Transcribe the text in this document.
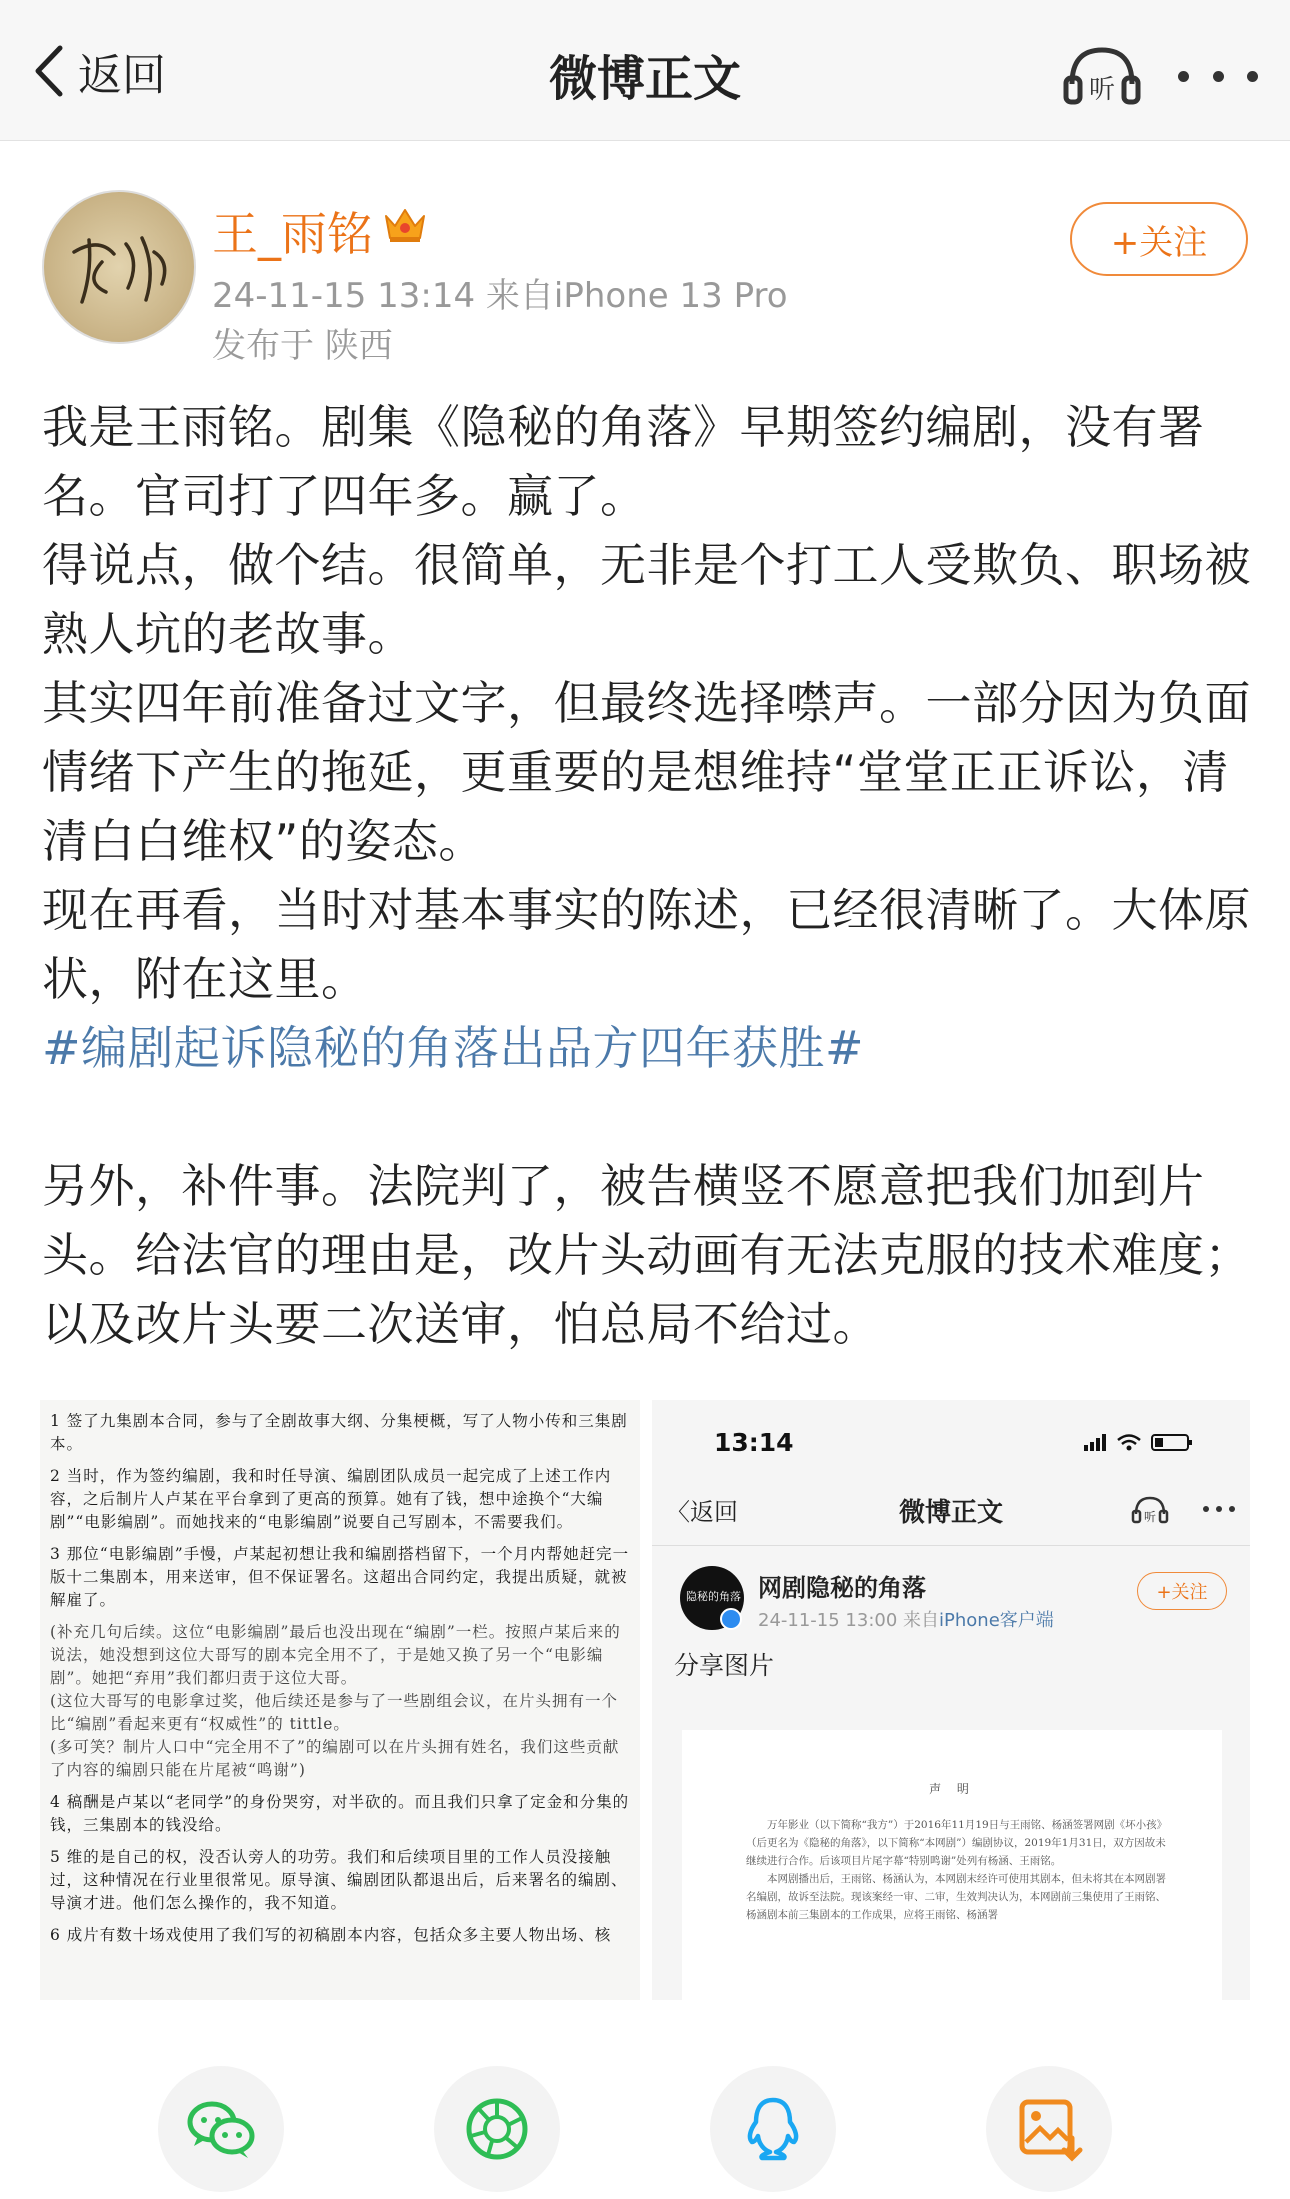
返回	微博正文	听
手谢
王_雨铭
24-11-15 13:14 来自iPhone 13 Pro
发布于 陕西
+关注

我是王雨铭。剧集《隐秘的角落》早期签约编剧，没有署名。官司打了四年多。赢了。

得说点，做个结。很简单，无非是个打工人受欺负、职场被熟人坑的老故事。

其实四年前准备过文字，但最终选择噤声。一部分因为负面情绪下产生的拖延，更重要的是想维持“堂堂正正诉讼，清清白白维权”的姿态。

现在再看，当时对基本事实的陈述，已经很清晰了。大体原状，附在这里。

#编剧起诉隐秘的角落出品方四年获胜#

另外，补件事。法院判了，被告横竖不愿意把我们加到片头。给法官的理由是，改片头动画有无法克服的技术难度；以及改片头要二次送审，怕总局不给过。

1 签了九集剧本合同，参与了全剧故事大纲、分集梗概，写了人物小传和三集剧本。

2 当时，作为签约编剧，我和时任导演、编剧团队成员一起完成了上述工作内容，之后制片人卢某在平台拿到了更高的预算。她有了钱，想中途换个“大编剧”“电影编剧”。而她找来的“电影编剧”说要自己写剧本，不需要我们。

3 那位“电影编剧”手慢，卢某起初想让我和编剧搭档留下，一个月内帮她赶完一版十二集剧本，用来送审，但不保证署名。这超出合同约定，我提出质疑，就被解雇了。

(补充几句后续。这位“电影编剧”最后也没出现在“编剧”一栏。按照卢某后来的说法，她没想到这位大哥写的剧本完全用不了，于是她又换了另一个“电影编剧”。她把“弃用”我们都归责于这位大哥。

(这位大哥写的电影拿过奖，他后续还是参与了一些剧组会议，在片头拥有一个比“编剧”看起来更有“权威性”的 tittle。

(多可笑？制片人口中“完全用不了”的编剧可以在片头拥有姓名，我们这些贡献了内容的编剧只能在片尾被“鸣谢”)

4 稿酬是卢某以“老同学”的身份哭穷，对半砍的。而且我们只拿了定金和分集的钱，三集剧本的钱没给。

5 维的是自己的权，没否认旁人的功劳。我们和后续项目里的工作人员没接触过，这种情况在行业里很常见。原导演、编剧团队都退出后，后来署名的编剧、导演才进。他们怎么操作的，我不知道。

6 成片有数十场戏使用了我们写的初稿剧本内容，包括众多主要人物出场、核

13:14
〈返回	微博正文	听
隐秘的角落 网剧隐秘的角落
24-11-15 13:00 来自iPhone客户端
+关注
分享图片
声 明

万年影业（以下简称“我方”）于2016年11月19日与王雨铭、杨涵签署网剧《坏小孩》（后更名为《隐秘的角落》，以下简称“本网剧”）编剧协议，2019年1月31日，双方因故未继续进行合作。后该项目片尾字幕“特别鸣谢”处列有杨涵、王雨铭。

本网剧播出后，王雨铭、杨涵认为，本网剧末经许可使用其剧本，但未将其在本网剧署名编剧，故诉至法院。现该案经一审、二审，生效判决认为，本网剧前三集使用了王雨铭、杨涵剧本前三集剧本的工作成果，应将王雨铭、杨涵署
